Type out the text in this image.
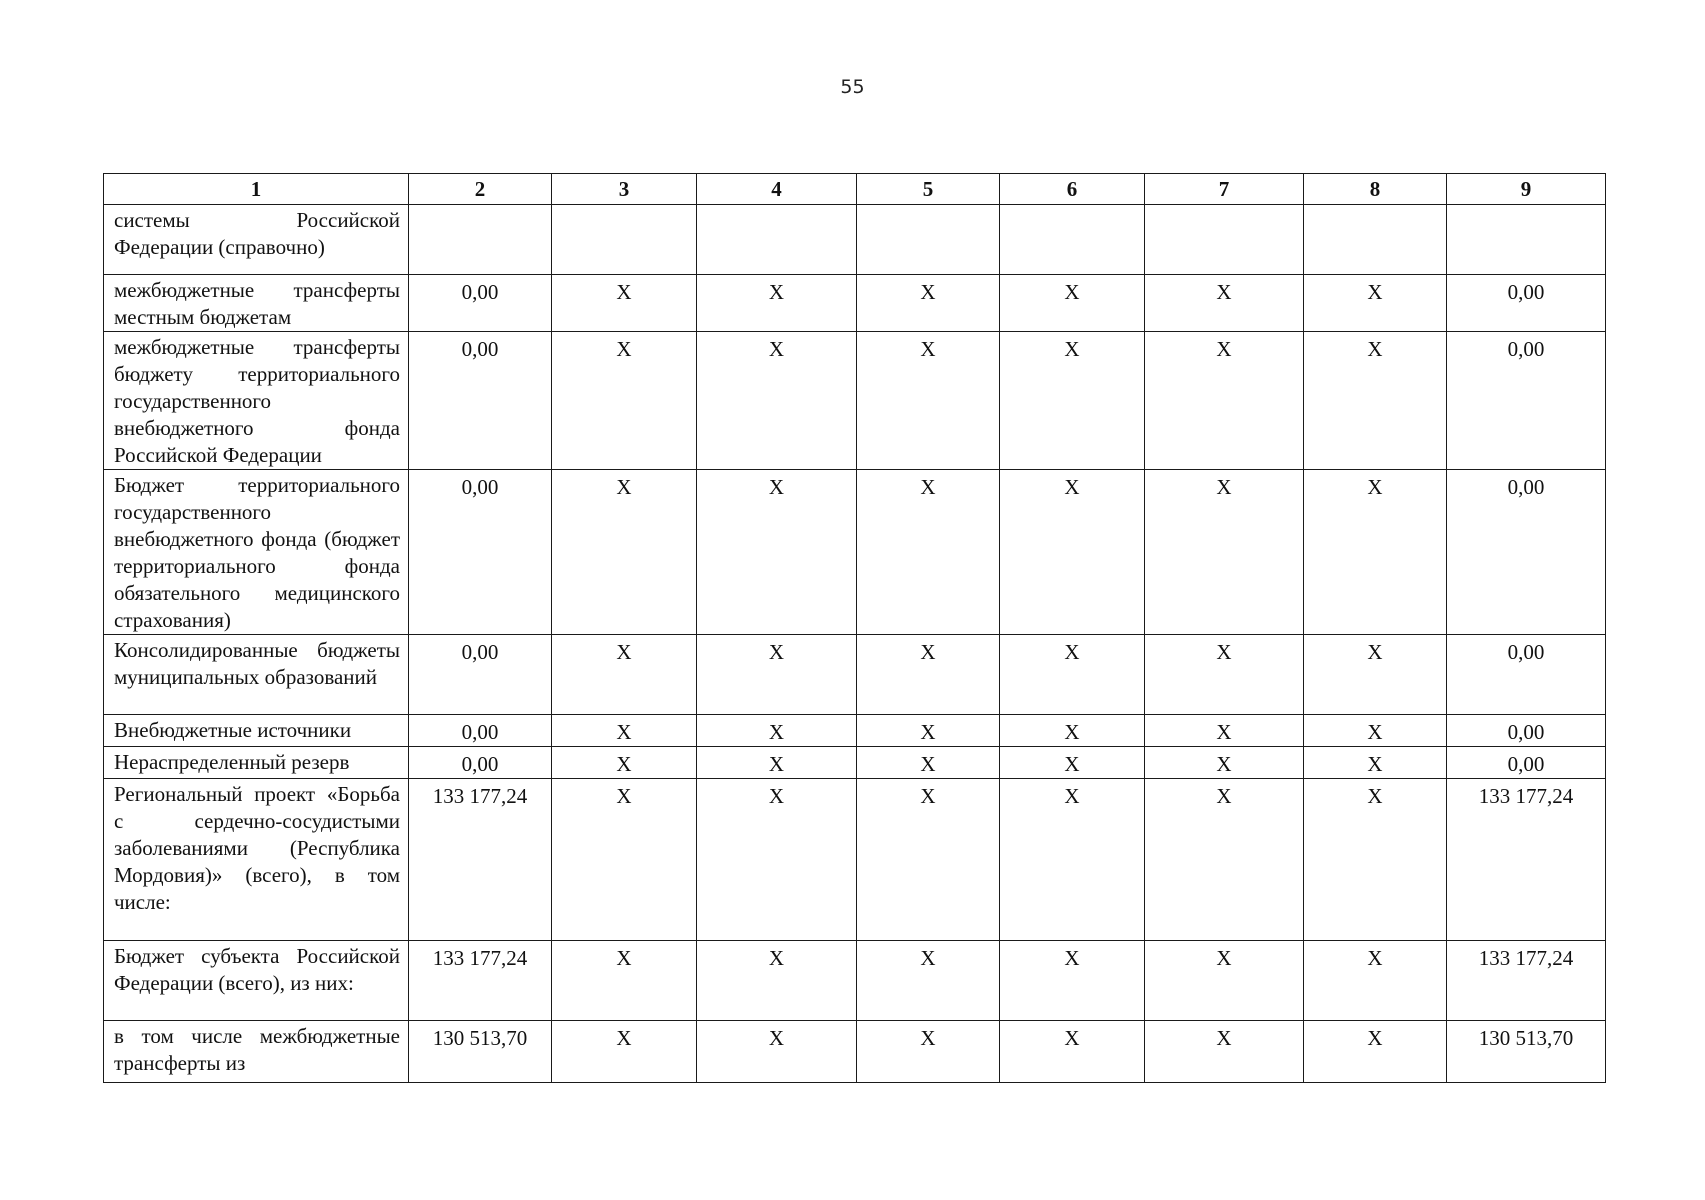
55
1	2	3	4	5	6	7	8	9
системы Российской Федерации (справочно)								
межбюджетные трансферты местным бюджетам	0,00	X	X	X	X	X	X	0,00
межбюджетные трансферты бюджету территориального государственного внебюджетного фонда Российской Федерации	0,00	X	X	X	X	X	X	0,00
Бюджет территориального государственного внебюджетного фонда (бюджет территориального фонда обязательного медицинского страхования)	0,00	X	X	X	X	X	X	0,00
Консолидированные бюджеты муниципальных образований	0,00	X	X	X	X	X	X	0,00
Внебюджетные источники	0,00	X	X	X	X	X	X	0,00
Нераспределенный резерв	0,00	X	X	X	X	X	X	0,00
Региональный проект «Борьба с сердечно-сосудистыми заболеваниями (Республика Мордовия)» (всего), в том числе:	133 177,24	X	X	X	X	X	X	133 177,24
Бюджет субъекта Российской Федерации (всего), из них:	133 177,24	X	X	X	X	X	X	133 177,24
в том числе межбюджетные трансферты из	130 513,70	X	X	X	X	X	X	130 513,70
